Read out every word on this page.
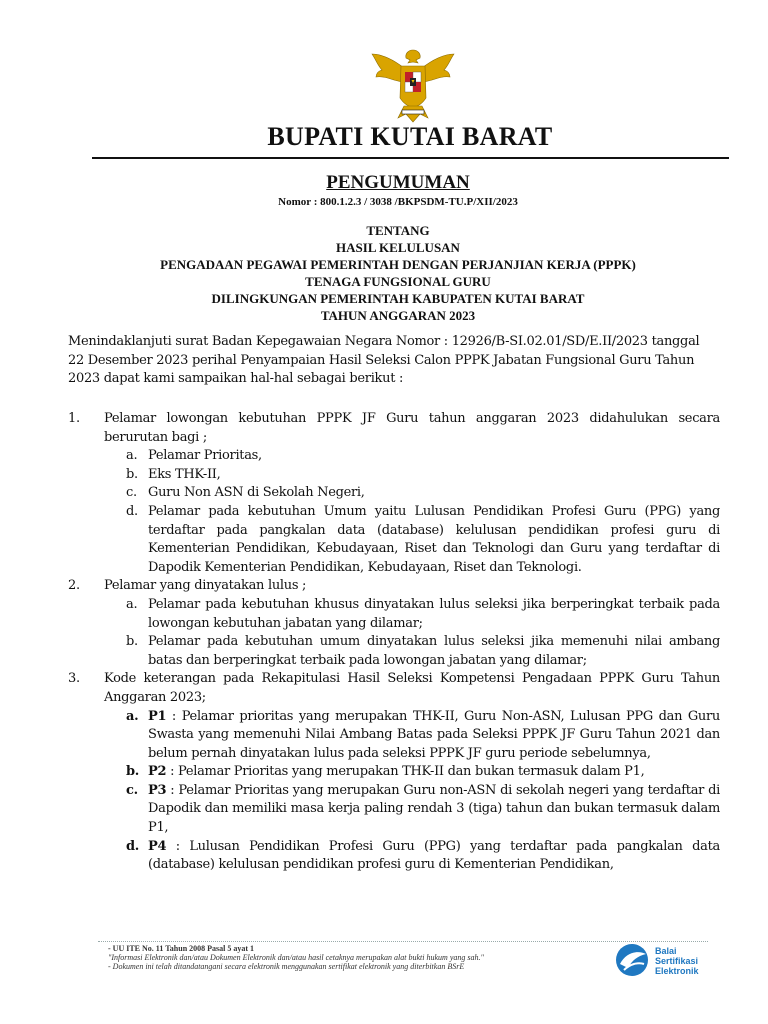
BUPATI KUTAI BARAT
PENGUMUMAN
Nomor : 800.1.2.3 / 3038 /BKPSDM-TU.P/XII/2023
TENTANG
HASIL KELULUSAN
PENGADAAN PEGAWAI PEMERINTAH DENGAN PERJANJIAN KERJA (PPPK)
TENAGA FUNGSIONAL GURU
DILINGKUNGAN PEMERINTAH KABUPATEN KUTAI BARAT
TAHUN ANGGARAN 2023
Menindaklanjuti surat Badan Kepegawaian Negara Nomor : 12926/B-SI.02.01/SD/E.II/2023 tanggal 22 Desember 2023 perihal Penyampaian Hasil Seleksi Calon PPPK Jabatan Fungsional Guru Tahun 2023 dapat kami sampaikan hal-hal sebagai berikut :
1. Pelamar lowongan kebutuhan PPPK JF Guru tahun anggaran 2023 didahulukan secara berurutan bagi ;
a. Pelamar Prioritas,
b. Eks THK-II,
c. Guru Non ASN di Sekolah Negeri,
d. Pelamar pada kebutuhan Umum yaitu Lulusan Pendidikan Profesi Guru (PPG) yang terdaftar pada pangkalan data (database) kelulusan pendidikan profesi guru di Kementerian Pendidikan, Kebudayaan, Riset dan Teknologi dan Guru yang terdaftar di Dapodik Kementerian Pendidikan, Kebudayaan, Riset dan Teknologi.
2. Pelamar yang dinyatakan lulus ;
a. Pelamar pada kebutuhan khusus dinyatakan lulus seleksi jika berperingkat terbaik pada lowongan kebutuhan jabatan yang dilamar;
b. Pelamar pada kebutuhan umum dinyatakan lulus seleksi jika memenuhi nilai ambang batas dan berperingkat terbaik pada lowongan jabatan yang dilamar;
3. Kode keterangan pada Rekapitulasi Hasil Seleksi Kompetensi Pengadaan PPPK Guru Tahun Anggaran 2023;
a. P1 : Pelamar prioritas yang merupakan THK-II, Guru Non-ASN, Lulusan PPG dan Guru Swasta yang memenuhi Nilai Ambang Batas pada Seleksi PPPK JF Guru Tahun 2021 dan belum pernah dinyatakan lulus pada seleksi PPPK JF guru periode sebelumnya,
b. P2 : Pelamar Prioritas yang merupakan THK-II dan bukan termasuk dalam P1,
c. P3 : Pelamar Prioritas yang merupakan Guru non-ASN di sekolah negeri yang terdaftar di Dapodik dan memiliki masa kerja paling rendah 3 (tiga) tahun dan bukan termasuk dalam P1,
d. P4 : Lulusan Pendidikan Profesi Guru (PPG) yang terdaftar pada pangkalan data (database) kelulusan pendidikan profesi guru di Kementerian Pendidikan,
- UU ITE No. 11 Tahun 2008 Pasal 5 ayat 1
"Informasi Elektronik dan/atau Dokumen Elektronik dan/atau hasil cetaknya merupakan alat bukti hukum yang sah."
- Dokumen ini telah ditandatangani secara elektronik menggunakan sertifikat elektronik yang diterbitkan BSrE
Balai
Sertifikasi
Elektronik
